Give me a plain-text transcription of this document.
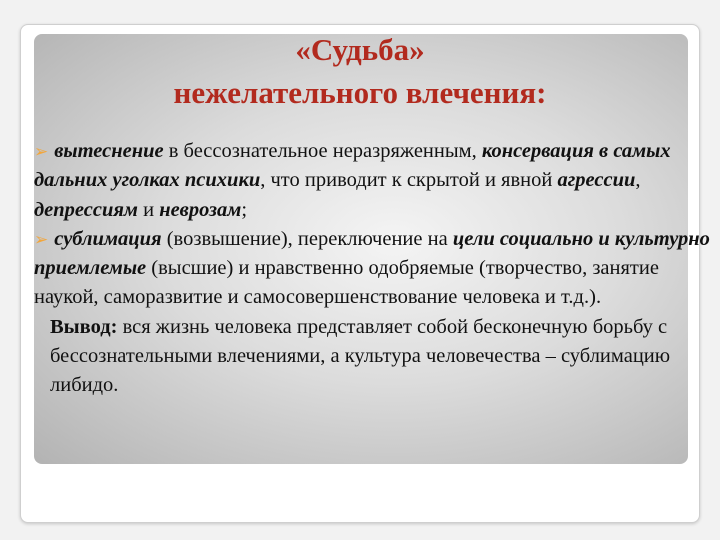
«Судьба»
нежелательного влечения:

➢ вытеснение в бессознательное неразряженным, консервация в самых дальних уголках психики, что приводит к скрытой и явной агрессии, депрессиям и неврозам;

➢ сублимация (возвышение), переключение на цели социально и культурно приемлемые (высшие) и нравственно одобряемые (творчество, занятие наукой, саморазвитие и самосовершенствование человека и т.д.).

Вывод: вся жизнь человека представляет собой бесконечную борьбу с бессознательными влечениями, а культура человечества – сублимацию либидо.
